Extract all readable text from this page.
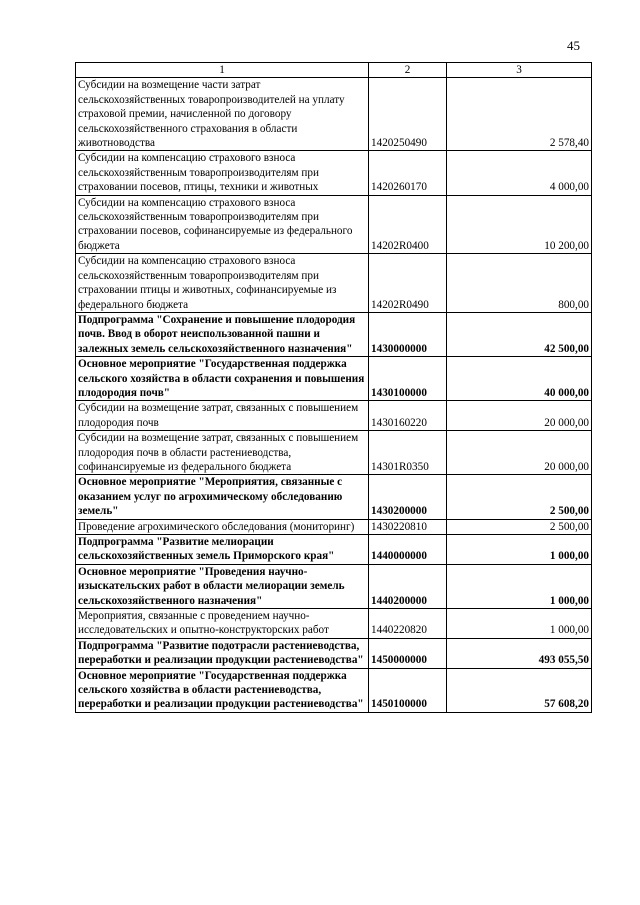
45
1	2	3
Субсидии на возмещение части затрат сельскохозяйственных товаропроизводителей на уплату страховой премии, начисленной по договору сельскохозяйственного страхования в области животноводства	1420250490	2 578,40
Субсидии на компенсацию страхового взноса сельскохозяйственным товаропроизводителям при страховании посевов, птицы, техники и животных	1420260170	4 000,00
Субсидии на компенсацию страхового взноса сельскохозяйственным товаропроизводителям при страховании посевов, софинансируемые из федерального бюджета	14202R0400	10 200,00
Субсидии на компенсацию страхового взноса сельскохозяйственным товаропроизводителям при страховании птицы и животных, софинансируемые из федерального бюджета	14202R0490	800,00
Подпрограмма "Сохранение и повышение плодородия почв. Ввод в оборот неиспользованной пашни и залежных земель сельскохозяйственного назначения"	1430000000	42 500,00
Основное мероприятие "Государственная поддержка сельского хозяйства в области сохранения и повышения плодородия почв"	1430100000	40 000,00
Субсидии на возмещение затрат, связанных с повышением плодородия почв	1430160220	20 000,00
Субсидии на возмещение затрат, связанных с повышением плодородия почв в области растениеводства, софинансируемые из федерального бюджета	14301R0350	20 000,00
Основное мероприятие "Мероприятия, связанные с оказанием услуг по агрохимическому обследованию земель"	1430200000	2 500,00
Проведение агрохимического обследования (мониторинг)	1430220810	2 500,00
Подпрограмма "Развитие мелиорации сельскохозяйственных земель Приморского края"	1440000000	1 000,00
Основное мероприятие "Проведения научно-изыскательских работ в области мелиорации земель сельскохозяйственного назначения"	1440200000	1 000,00
Мероприятия, связанные с проведением научно-исследовательских и опытно-конструкторских работ	1440220820	1 000,00
Подпрограмма "Развитие подотрасли растениеводства, переработки и реализации продукции растениеводства"	1450000000	493 055,50
Основное мероприятие "Государственная поддержка сельского хозяйства в области растениеводства, переработки и реализации продукции растениеводства"	1450100000	57 608,20
